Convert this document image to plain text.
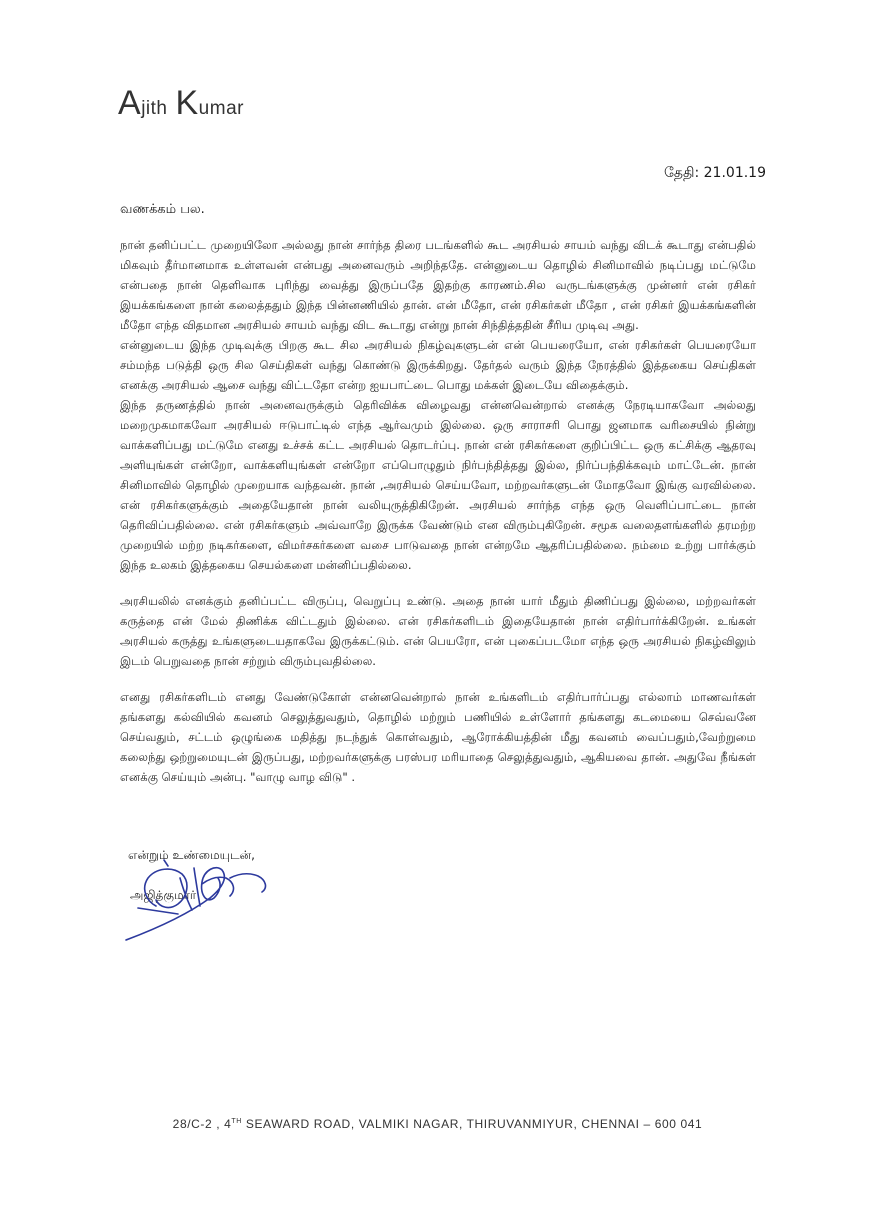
Ajith Kumar
தேதி: 21.01.19
வணக்கம் பல.

நான் தனிப்பட்ட முறையிலோ அல்லது நான் சார்ந்த திரை படங்களில் கூட அரசியல் சாயம் வந்து விடக் கூடாது என்பதில் மிகவும் தீர்மானமாக உள்ளவன் என்பது அனைவரும் அறிந்ததே. என்னுடைய தொழில் சினிமாவில் நடிப்பது மட்டுமே என்பதை நான் தெளிவாக புரிந்து வைத்து இருப்பதே இதற்கு காரணம்.சில வருடங்களுக்கு முன்னர் என் ரசிகர் இயக்கங்களை நான் கலைத்ததும் இந்த பின்னணியில் தான். என் மீதோ, என் ரசிகர்கள் மீதோ , என் ரசிகர் இயக்கங்களின் மீதோ எந்த விதமான அரசியல் சாயம் வந்து விட கூடாது என்று நான் சிந்தித்ததின் சீரிய முடிவு அது.

என்னுடைய இந்த முடிவுக்கு பிறகு கூட சில அரசியல் நிகழ்வுகளுடன் என் பெயரையோ, என் ரசிகர்கள் பெயரையோ சம்மந்த படுத்தி ஒரு சில செய்திகள் வந்து கொண்டு இருக்கிறது. தேர்தல் வரும் இந்த நேரத்தில் இத்தகைய செய்திகள் எனக்கு அரசியல் ஆசை வந்து விட்டதோ என்ற ஐயபாட்டை பொது மக்கள் இடையே விதைக்கும்.

இந்த தருணத்தில் நான் அனைவருக்கும் தெரிவிக்க விழைவது என்னவென்றால் எனக்கு நேரடியாகவோ அல்லது மறைமுகமாகவோ அரசியல் ஈடுபாட்டில் எந்த ஆர்வமும் இல்லை. ஒரு சாராசரி பொது ஜனமாக வரிசையில் நின்று வாக்களிப்பது மட்டுமே எனது உச்சக் கட்ட அரசியல் தொடர்ப்பு. நான் என் ரசிகர்களை குறிப்பிட்ட ஒரு கட்சிக்கு ஆதரவு அளியுங்கள் என்றோ, வாக்களியுங்கள் என்றோ எப்பொழுதும் நிர்பந்தித்தது இல்ல, நிர்ப்பந்திக்கவும் மாட்டேன். நான் சினிமாவில் தொழில் முறையாக வந்தவன். நான் ,அரசியல் செய்யவோ, மற்றவர்களுடன் மோதவோ இங்கு வரவில்லை. என் ரசிகர்களுக்கும் அதையேதான் நான் வலியுருத்திகிறேன். அரசியல் சார்ந்த எந்த ஒரு வெளிப்பாட்டை நான் தெரிவிப்பதில்லை. என் ரசிகர்களும் அவ்வாறே இருக்க வேண்டும் என விரும்புகிறேன். சமூக வலைதளங்களில் தரமற்ற முறையில் மற்ற நடிகர்களை, விமர்சகர்களை வசை பாடுவதை நான் என்றமே ஆதரிப்பதில்லை. நம்மை உற்று பார்க்கும் இந்த உலகம் இத்தகைய செயல்களை மன்னிப்பதில்லை.

அரசியலில் எனக்கும் தனிப்பட்ட விருப்பு, வெறுப்பு உண்டு. அதை நான் யார் மீதும் திணிப்பது இல்லை, மற்றவர்கள் கருத்தை என் மேல் திணிக்க விட்டதும் இல்லை. என் ரசிகர்களிடம் இதையேதான் நான் எதிர்பார்க்கிறேன். உங்கள் அரசியல் கருத்து உங்களுடையதாகவே இருக்கட்டும். என் பெயரோ, என் புகைப்படமோ எந்த ஒரு அரசியல் நிகழ்விலும் இடம் பெறுவதை நான் சற்றும் விரும்புவதில்லை.

எனது ரசிகர்களிடம் எனது வேண்டுகோள் என்னவென்றால் நான் உங்களிடம் எதிர்பார்ப்பது எல்லாம் மாணவர்கள் தங்களது கல்வியில் கவனம் செலுத்துவதும், தொழில் மற்றும் பணியில் உள்ளோர் தங்களது கடமையை செவ்வனே செய்வதும், சட்டம் ஒழுங்கை மதித்து நடந்துக் கொள்வதும், ஆரோக்கியத்தின் மீது கவனம் வைப்பதும்,வேற்றுமை கலைந்து ஒற்றுமையுடன் இருப்பது, மற்றவர்களுக்கு பரஸ்பர மரியாதை செலுத்துவதும், ஆகியவை தான். அதுவே நீங்கள் எனக்கு செய்யும் அன்பு. "வாழு வாழ விடு" .

என்றும் உண்மையுடன்,
அஜித்குமார்
28/C-2 , 4TH SEAWARD ROAD, VALMIKI NAGAR, THIRUVANMIYUR, CHENNAI – 600 041
